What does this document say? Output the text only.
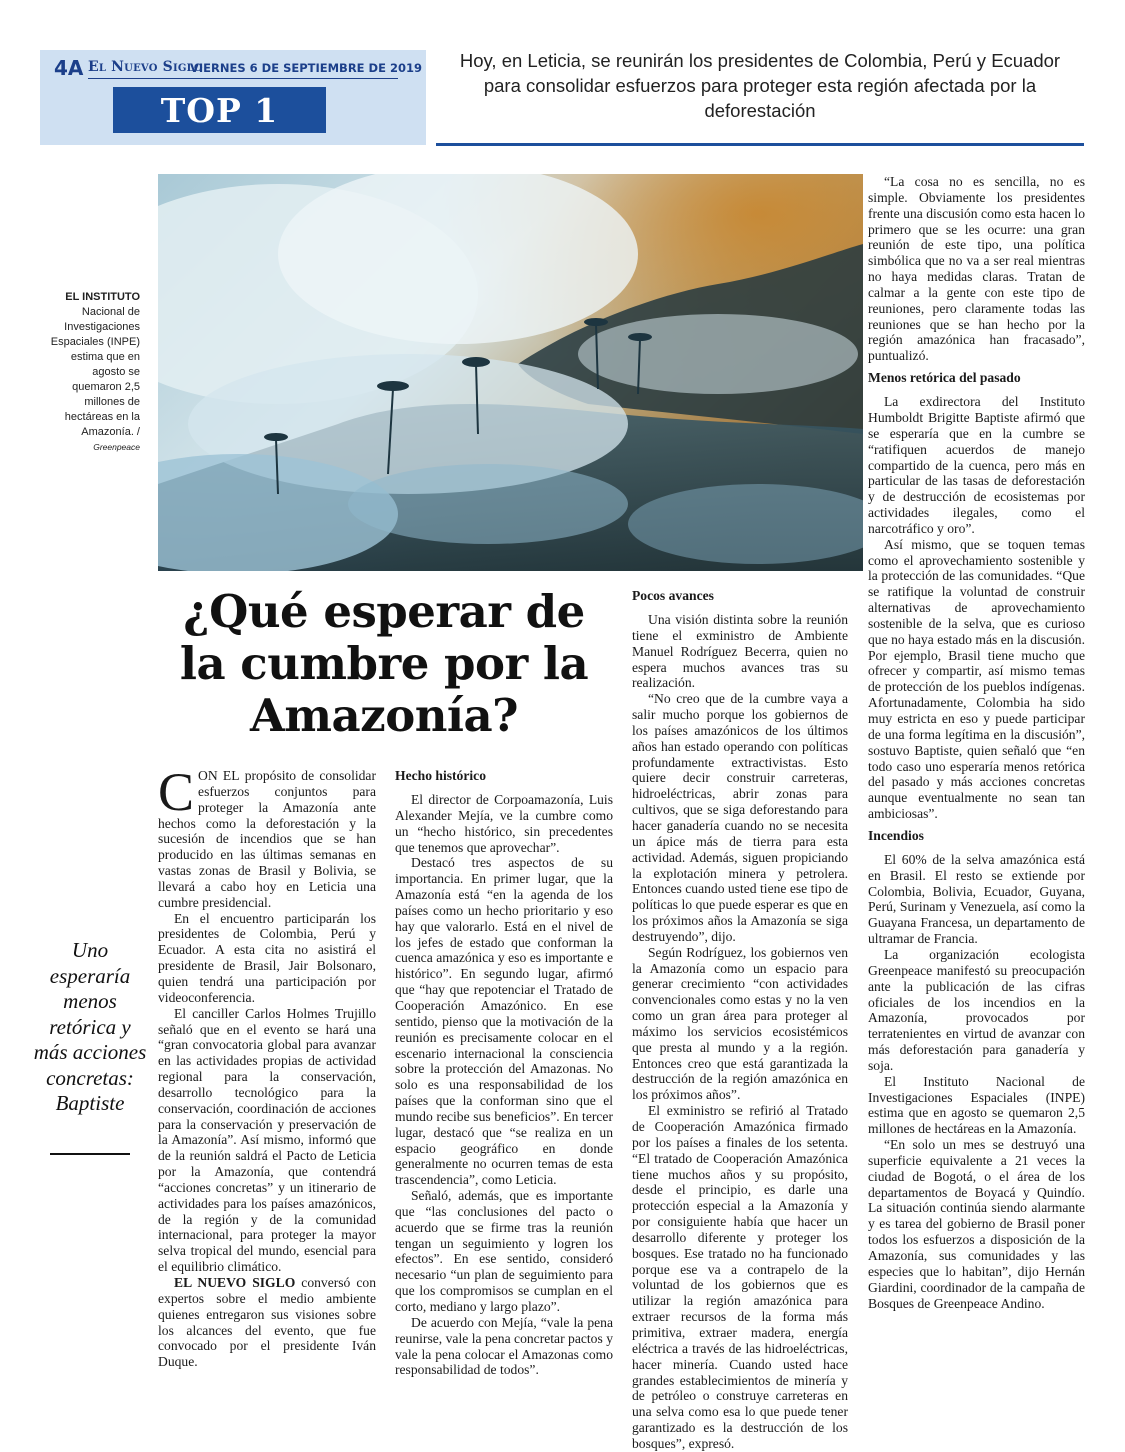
4A El Nuevo Siglo
VIERNES 6 DE SEPTIEMBRE DE 2019
TOP 1
Hoy, en Leticia, se reunirán los presidentes de Colombia, Perú y Ecuador para consolidar esfuerzos para proteger esta región afectada por la deforestación
EL INSTITUTO
Nacional de Investigaciones Espaciales (INPE) estima que en agosto se quemaron 2,5 millones de hectáreas en la Amazonía. /
Greenpeace
¿Qué esperar de la cumbre por la Amazonía?
Uno esperaría menos retórica y más acciones concretas: Baptiste

CON EL propósito de consolidar esfuerzos conjuntos para proteger la Amazonía ante hechos como la deforestación y la sucesión de incendios que se han producido en las últimas semanas en vastas zonas de Brasil y Bolivia, se llevará a cabo hoy en Leticia una cumbre presidencial.

En el encuentro participarán los presidentes de Colombia, Perú y Ecuador. A esta cita no asistirá el presidente de Brasil, Jair Bolsonaro, quien tendrá una participación por videoconferencia.

El canciller Carlos Holmes Trujillo señaló que en el evento se hará una “gran convocatoria global para avanzar en las actividades propias de actividad regional para la conservación, desarrollo tecnológico para la conservación, coordinación de acciones para la conservación y preservación de la Amazonía”. Así mismo, informó que de la reunión saldrá el Pacto de Leticia por la Amazonía, que contendrá “acciones concretas” y un itinerario de actividades para los países amazónicos, de la región y de la comunidad internacional, para proteger la mayor selva tropical del mundo, esencial para el equilibrio climático.

EL NUEVO SIGLO conversó con expertos sobre el medio ambiente quienes entregaron sus visiones sobre los alcances del evento, que fue convocado por el presidente Iván Duque.

Hecho histórico

El director de Corpoamazonía, Luis Alexander Mejía, ve la cumbre como un “hecho histórico, sin precedentes que tenemos que aprovechar”.

Destacó tres aspectos de su importancia. En primer lugar, que la Amazonía está “en la agenda de los países como un hecho prioritario y eso hay que valorarlo. Está en el nivel de los jefes de estado que conforman la cuenca amazónica y eso es importante e histórico”. En segundo lugar, afirmó que “hay que repotenciar el Tratado de Cooperación Amazónico. En ese sentido, pienso que la motivación de la reunión es precisamente colocar en el escenario internacional la consciencia sobre la protección del Amazonas. No solo es una responsabilidad de los países que la conforman sino que el mundo recibe sus beneficios”. En tercer lugar, destacó que “se realiza en un espacio geográfico en donde generalmente no ocurren temas de esta trascendencia”, como Leticia.

Señaló, además, que es importante que “las conclusiones del pacto o acuerdo que se firme tras la reunión tengan un seguimiento y logren los efectos”. En ese sentido, consideró necesario “un plan de seguimiento para que los compromisos se cumplan en el corto, mediano y largo plazo”.

De acuerdo con Mejía, “vale la pena reunirse, vale la pena concretar pactos y vale la pena colocar el Amazonas como responsabilidad de todos”.

Pocos avances

Una visión distinta sobre la reunión tiene el exministro de Ambiente Manuel Rodríguez Becerra, quien no espera muchos avances tras su realización.

“No creo que de la cumbre vaya a salir mucho porque los gobiernos de los países amazónicos de los últimos años han estado operando con políticas profundamente extractivistas. Esto quiere decir construir carreteras, hidroeléctricas, abrir zonas para cultivos, que se siga deforestando para hacer ganadería cuando no se necesita un ápice más de tierra para esta actividad. Además, siguen propiciando la explotación minera y petrolera. Entonces cuando usted tiene ese tipo de políticas lo que puede esperar es que en los próximos años la Amazonía se siga destruyendo”, dijo.

Según Rodríguez, los gobiernos ven la Amazonía como un espacio para generar crecimiento “con actividades convencionales como estas y no la ven como un gran área para proteger al máximo los servicios ecosistémicos que presta al mundo y a la región. Entonces creo que está garantizada la destrucción de la región amazónica en los próximos años”.

El exministro se refirió al Tratado de Cooperación Amazónica firmado por los países a finales de los setenta. “El tratado de Cooperación Amazónica tiene muchos años y su propósito, desde el principio, es darle una protección especial a la Amazonía y por consiguiente había que hacer un desarrollo diferente y proteger los bosques. Ese tratado no ha funcionado porque ese va a contrapelo de la voluntad de los gobiernos que es utilizar la región amazónica para extraer recursos de la forma más primitiva, extraer madera, energía eléctrica a través de las hidroeléctricas, hacer minería. Cuando usted hace grandes establecimientos de minería y de petróleo o construye carreteras en una selva como esa lo que puede tener garantizado es la destrucción de los bosques”, expresó.

“La cosa no es sencilla, no es simple. Obviamente los presidentes frente una discusión como esta hacen lo primero que se les ocurre: una gran reunión de este tipo, una política simbólica que no va a ser real mientras no haya medidas claras. Tratan de calmar a la gente con este tipo de reuniones, pero claramente todas las reuniones que se han hecho por la región amazónica han fracasado”, puntualizó.

Menos retórica del pasado

La exdirectora del Instituto Humboldt Brigitte Baptiste afirmó que se esperaría que en la cumbre se “ratifiquen acuerdos de manejo compartido de la cuenca, pero más en particular de las tasas de deforestación y de destrucción de ecosistemas por actividades ilegales, como el narcotráfico y oro”.

Así mismo, que se toquen temas como el aprovechamiento sostenible y la protección de las comunidades. “Que se ratifique la voluntad de construir alternativas de aprovechamiento sostenible de la selva, que es curioso que no haya estado más en la discusión. Por ejemplo, Brasil tiene mucho que ofrecer y compartir, así mismo temas de protección de los pueblos indígenas. Afortunadamente, Colombia ha sido muy estricta en eso y puede participar de una forma legítima en la discusión”, sostuvo Baptiste, quien señaló que “en todo caso uno esperaría menos retórica del pasado y más acciones concretas aunque eventualmente no sean tan ambiciosas”.

Incendios

El 60% de la selva amazónica está en Brasil. El resto se extiende por Colombia, Bolivia, Ecuador, Guyana, Perú, Surinam y Venezuela, así como la Guayana Francesa, un departamento de ultramar de Francia.

La organización ecologista Greenpeace manifestó su preocupación ante la publicación de las cifras oficiales de los incendios en la Amazonía, provocados por terratenientes en virtud de avanzar con más deforestación para ganadería y soja.

El Instituto Nacional de Investigaciones Espaciales (INPE) estima que en agosto se quemaron 2,5 millones de hectáreas en la Amazonía.

“En solo un mes se destruyó una superficie equivalente a 21 veces la ciudad de Bogotá, o el área de los departamentos de Boyacá y Quindío. La situación continúa siendo alarmante y es tarea del gobierno de Brasil poner todos los esfuerzos a disposición de la Amazonía, sus comunidades y las especies que lo habitan”, dijo Hernán Giardini, coordinador de la campaña de Bosques de Greenpeace Andino.
